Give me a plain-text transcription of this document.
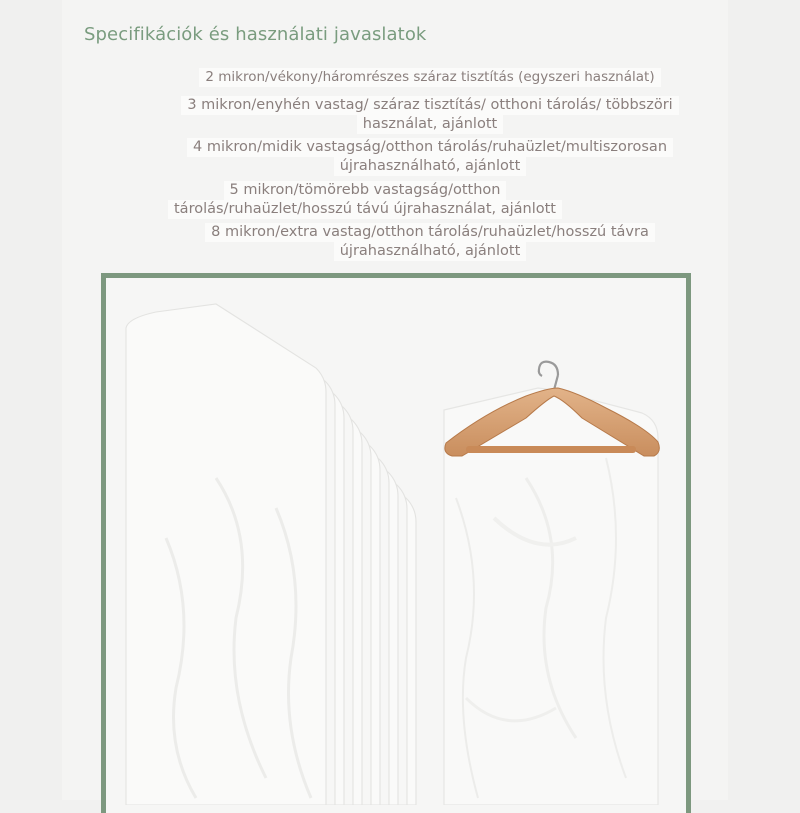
Specifikációk és használati javaslatok
2 mikron/vékony/háromrészes száraz tisztítás (egyszeri használat)
3 mikron/enyhén vastag/ száraz tisztítás/ otthoni tárolás/ többszöri
használat, ajánlott
4 mikron/midik vastagság/otthon tárolás/ruhaüzlet/multiszorosan
újrahasználható, ajánlott
5 mikron/tömörebb vastagság/otthon
tárolás/ruhaüzlet/hosszú távú újrahasználat, ajánlott
8 mikron/extra vastag/otthon tárolás/ruhaüzlet/hosszú távra
újrahasználható, ajánlott
